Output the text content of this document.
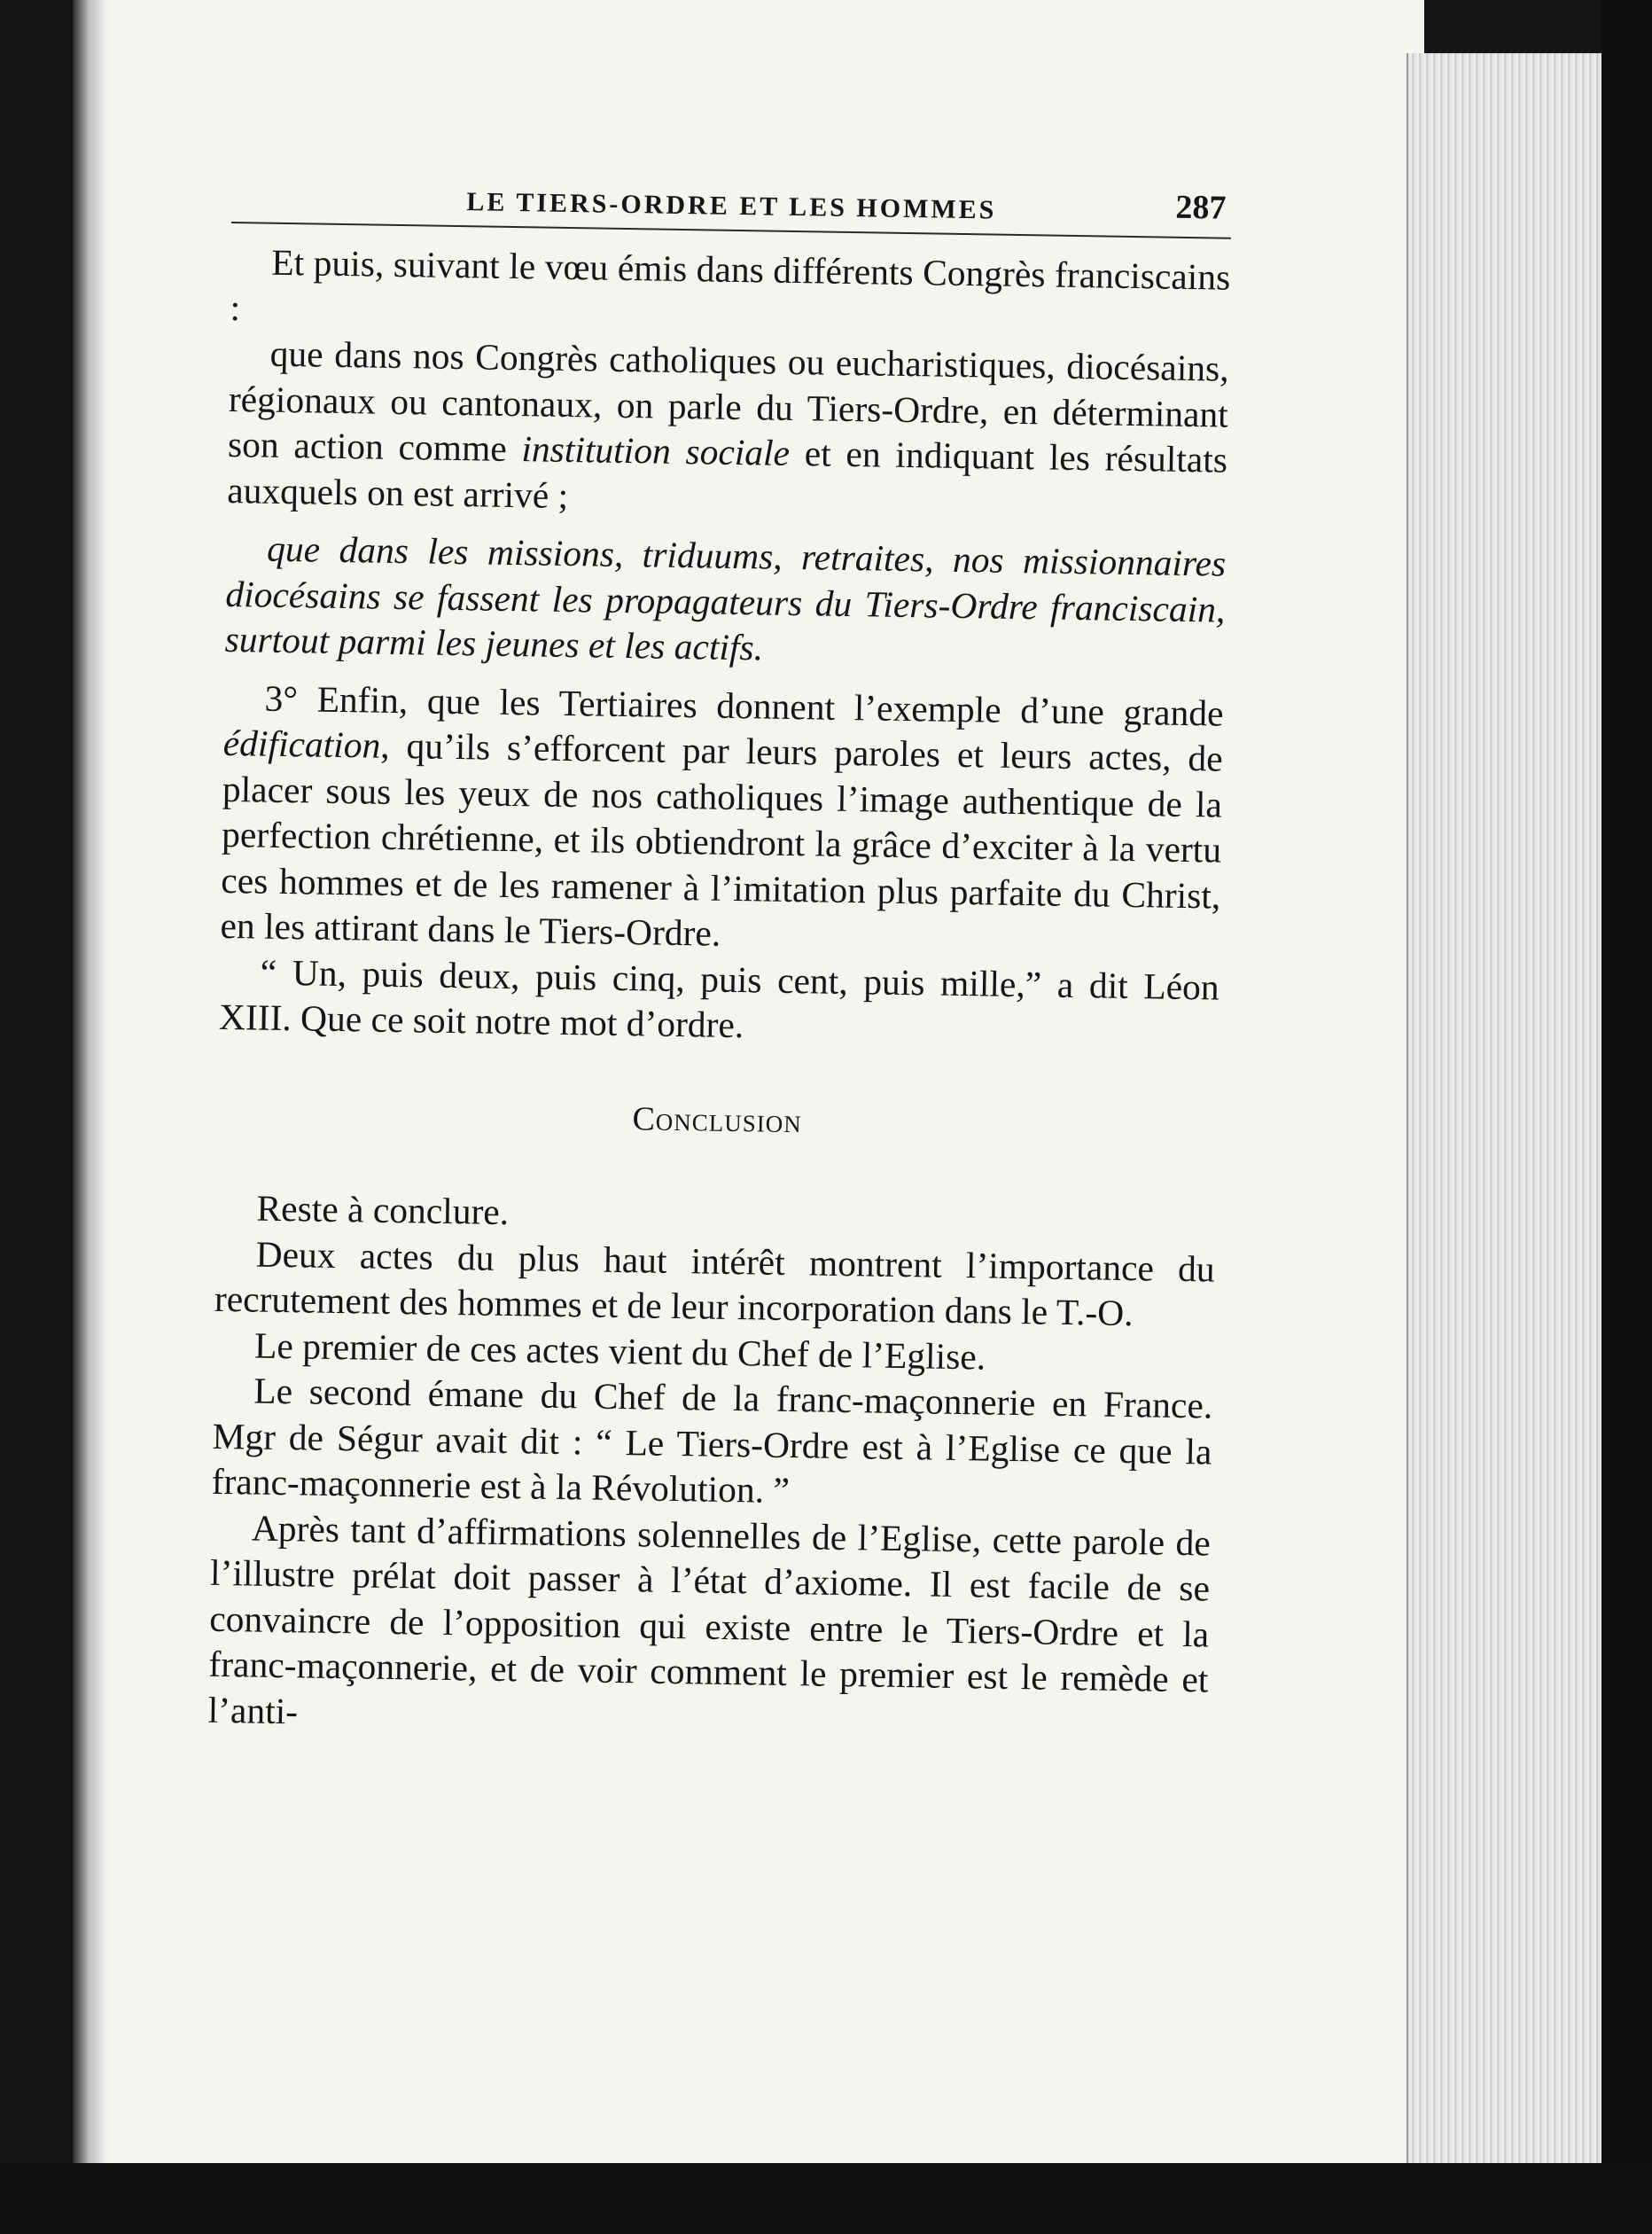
LE TIERS-ORDRE ET LES HOMMES	287

Et puis, suivant le vœu émis dans différents Congrès franciscains :

que dans nos Congrès catholiques ou eucharistiques, diocésains, régionaux ou cantonaux, on parle du Tiers-Ordre, en déterminant son action comme institution sociale et en indiquant les résultats auxquels on est arrivé ;

que dans les missions, triduums, retraites, nos missionnaires diocésains se fassent les propagateurs du Tiers-Ordre franciscain, surtout parmi les jeunes et les actifs.

3° Enfin, que les Tertiaires donnent l’exemple d’une grande édification, qu’ils s’efforcent par leurs paroles et leurs actes, de placer sous les yeux de nos catholiques l’image authentique de la perfection chrétienne, et ils obtiendront la grâce d’exciter à la vertu ces hommes et de les ramener à l’imitation plus parfaite du Christ, en les attirant dans le Tiers-Ordre.

“ Un, puis deux, puis cinq, puis cent, puis mille,” a dit Léon XIII. Que ce soit notre mot d’ordre.

Conclusion

Reste à conclure.

Deux actes du plus haut intérêt montrent l’importance du recrutement des hommes et de leur incorporation dans le T.-O.

Le premier de ces actes vient du Chef de l’Eglise.

Le second émane du Chef de la franc-maçonnerie en France. Mgr de Ségur avait dit : “ Le Tiers-Ordre est à l’Eglise ce que la franc-maçonnerie est à la Révolution. ”

Après tant d’affirmations solennelles de l’Eglise, cette parole de l’illustre prélat doit passer à l’état d’axiome. Il est facile de se convaincre de l’opposition qui existe entre le Tiers-Ordre et la franc-maçonnerie, et de voir comment le premier est le remède et l’anti-
